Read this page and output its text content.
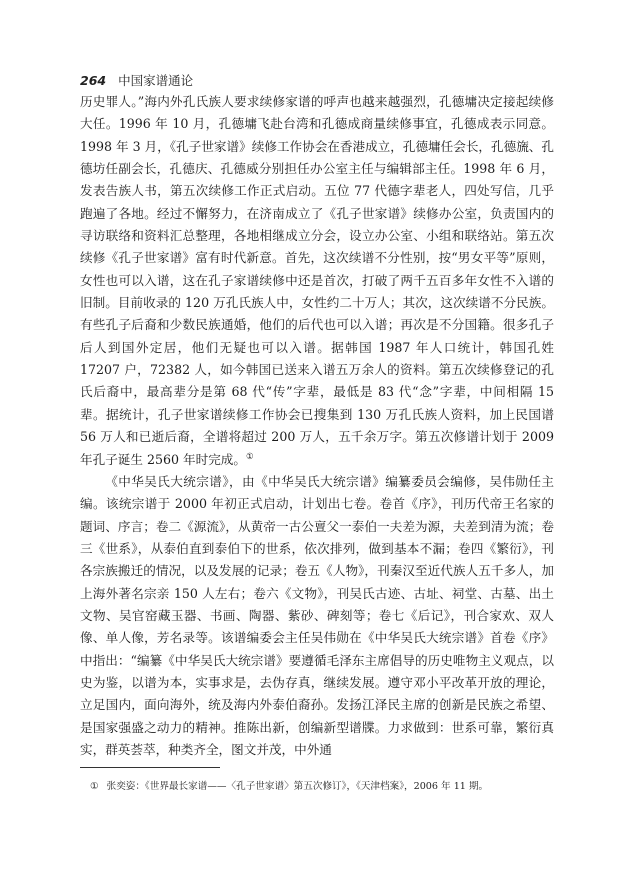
264 中国家谱通论

历史罪人。”海内外孔氏族人要求续修家谱的呼声也越来越强烈，孔德墉决定接起续修大任。1996 年 10 月，孔德墉飞赴台湾和孔德成商量续修事宜，孔德成表示同意。1998 年 3 月，《孔子世家谱》续修工作协会在香港成立，孔德墉任会长，孔德旒、孔德坊任副会长，孔德庆、孔德威分别担任办公室主任与编辑部主任。1998 年 6 月，发表告族人书，第五次续修工作正式启动。五位 77 代德字辈老人，四处写信，几乎跑遍了各地。经过不懈努力，在济南成立了《孔子世家谱》续修办公室，负责国内的寻访联络和资料汇总整理，各地相继成立分会，设立办公室、小组和联络站。第五次续修《孔子世家谱》富有时代新意。首先，这次续谱不分性别，按“男女平等”原则，女性也可以入谱，这在孔子家谱续修中还是首次，打破了两千五百多年女性不入谱的旧制。目前收录的 120 万孔氏族人中，女性约二十万人；其次，这次续谱不分民族。有些孔子后裔和少数民族通婚，他们的后代也可以入谱；再次是不分国籍。很多孔子后人到国外定居，他们无疑也可以入谱。据韩国 1987 年人口统计，韩国孔姓 17207 户，72382 人，如今韩国已送来入谱五万余人的资料。第五次续修登记的孔氏后裔中，最高辈分是第 68 代“传”字辈，最低是 83 代“念”字辈，中间相隔 15 辈。据统计，孔子世家谱续修工作协会已搜集到 130 万孔氏族人资料，加上民国谱 56 万人和已逝后裔，全谱将超过 200 万人，五千余万字。第五次修谱计划于 2009 年孔子诞生 2560 年时完成。①

《中华吴氏大统宗谱》，由《中华吴氏大统宗谱》编纂委员会编修，吴伟勋任主编。该统宗谱于 2000 年初正式启动，计划出七卷。卷首《序》，刊历代帝王名家的题词、序言；卷二《源流》，从黄帝一古公亶父一泰伯一夫差为源，夫差到清为流；卷三《世系》，从泰伯直到泰伯下的世系，依次排列，做到基本不漏；卷四《繁衍》，刊各宗族搬迁的情况，以及发展的记录；卷五《人物》，刊秦汉至近代族人五千多人，加上海外著名宗亲 150 人左右；卷六《文物》，刊吴氏古迹、古址、祠堂、古墓、出土文物、吴官窑藏玉器、书画、陶器、紫砂、碑刻等；卷七《后记》，刊合家欢、双人像、单人像，芳名录等。该谱编委会主任吴伟勋在《中华吴氏大统宗谱》首卷《序》中指出：“编纂《中华吴氏大统宗谱》要遵循毛泽东主席倡导的历史唯物主义观点，以史为鉴，以谱为本，实事求是，去伪存真，继续发展。遵守邓小平改革开放的理论，立足国内，面向海外，统及海内外泰伯裔孙。发扬江泽民主席的创新是民族之希望、是国家强盛之动力的精神。推陈出新，创编新型谱牒。力求做到：世系可靠，繁衍真实，群英荟萃，种类齐全，图文并茂，中外通

① 张奕姿：《世界最长家谱——〈孔子世家谱〉第五次修订》，《天津档案》，2006 年 11 期。
